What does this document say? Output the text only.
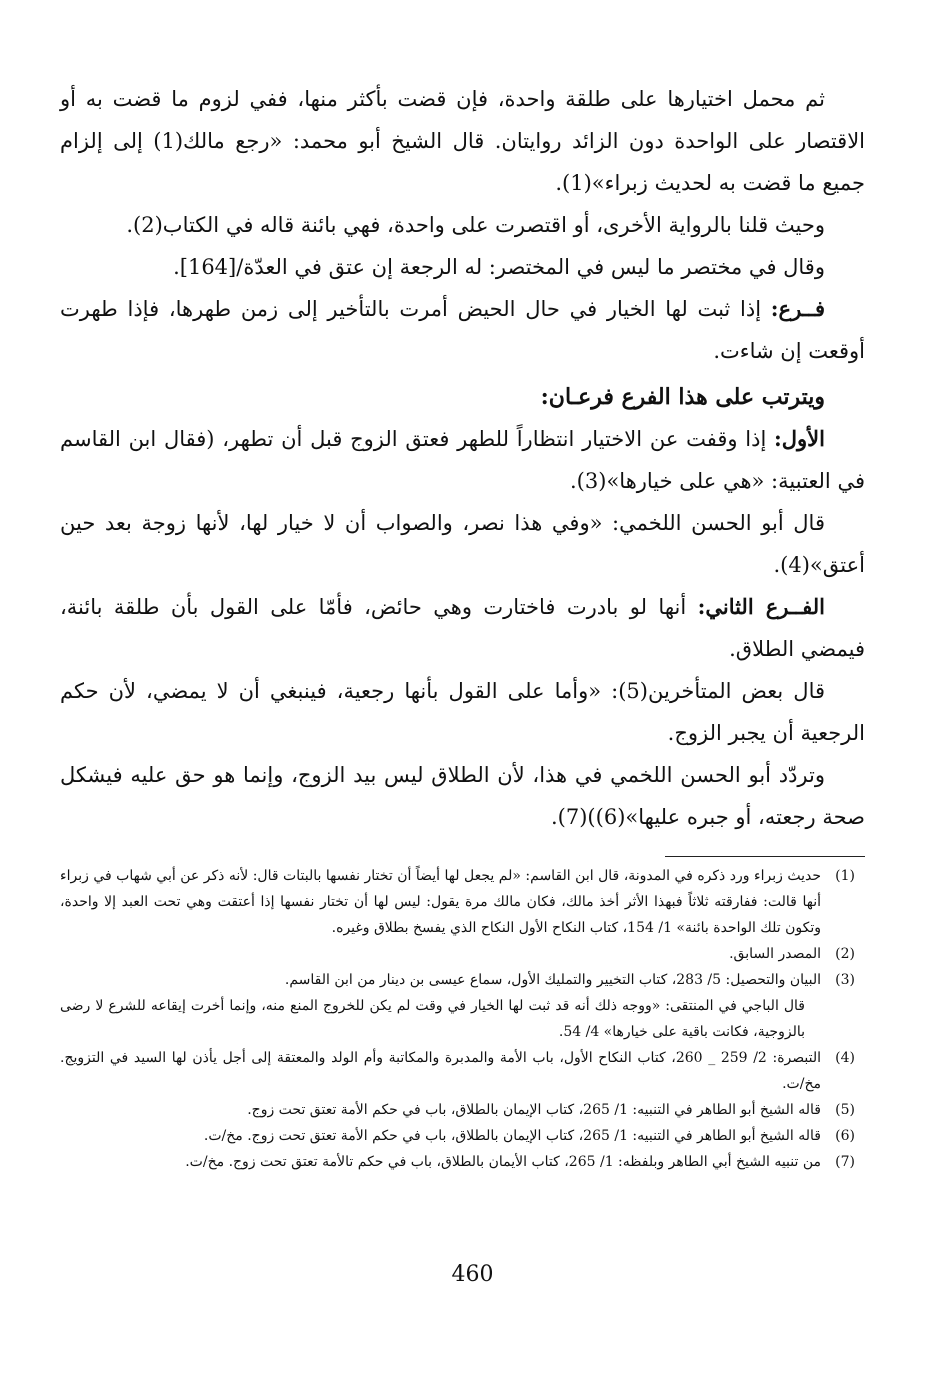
ثم محمل اختيارها على طلقة واحدة، فإن قضت بأكثر منها، ففي لزوم ما قضت به أو الاقتصار على الواحدة دون الزائد روايتان. قال الشيخ أبو محمد: «رجع مالك(1) إلى إلزام جميع ما قضت به لحديث زبراء»(1).

وحيث قلنا بالرواية الأخرى، أو اقتصرت على واحدة، فهي بائنة قاله في الكتاب(2).

وقال في مختصر ما ليس في المختصر: له الرجعة إن عتق في العدّة/[164].

فــرع: إذا ثبت لها الخيار في حال الحيض أمرت بالتأخير إلى زمن طهرها، فإذا طهرت أوقعت إن شاءت.

ويترتب على هذا الفرع فرعـان:

الأول: إذا وقفت عن الاختيار انتظاراً للطهر فعتق الزوج قبل أن تطهر، (فقال ابن القاسم في العتبية: «هي على خيارها»(3).

قال أبو الحسن اللخمي: «وفي هذا نصر، والصواب أن لا خيار لها، لأنها زوجة بعد حين أعتق»(4).

الفــرع الثاني: أنها لو بادرت فاختارت وهي حائض، فأمّا على القول بأن طلقة بائنة، فيمضي الطلاق.

قال بعض المتأخرين(5): «وأما على القول بأنها رجعية، فينبغي أن لا يمضي، لأن حكم الرجعية أن يجبر الزوج.

وتردّد أبو الحسن اللخمي في هذا، لأن الطلاق ليس بيد الزوج، وإنما هو حق عليه فيشكل صحة رجعته، أو جبره عليها»(6))(7).

(1)
حديث زبراء ورد ذكره في المدونة، قال ابن القاسم: «لم يجعل لها أيضاً أن تختار نفسها بالبتات قال: لأنه ذكر عن أبي شهاب في زبراء أنها قالت: ففارقته ثلاثاً فبهذا الأثر أخذ مالك، فكان مالك مرة يقول: ليس لها أن تختار نفسها إذا أعتقت وهي تحت العبد إلا واحدة، وتكون تلك الواحدة بائنة» 1/ 154، كتاب النكاح الأول النكاح الذي يفسخ بطلاق وغيره.
(2)
المصدر السابق.
(3)
البيان والتحصيل: 5/ 283، كتاب التخيير والتمليك الأول، سماع عيسى بن دينار من ابن القاسم.
قال الباجي في المنتقى: «ووجه ذلك أنه قد ثبت لها الخيار في وقت لم يكن للخروج المنع منه، وإنما أخرت إيقاعه للشرع لا رضى بالزوجية، فكانت باقية على خيارها» 4/ 54.
(4)
التبصرة: 2/ 259 _ 260، كتاب النكاح الأول، باب الأمة والمدبرة والمكاتبة وأم الولد والمعتقة إلى أجل يأذن لها السيد في التزويج. مخ/ت.
(5)
قاله الشيخ أبو الطاهر في التنبيه: 1/ 265، كتاب الإيمان بالطلاق، باب في حكم الأمة تعتق تحت زوج.
(6)
قاله الشيخ أبو الطاهر في التنبيه: 1/ 265، كتاب الإيمان بالطلاق، باب في حكم الأمة تعتق تحت زوج. مخ/ت.
(7)
من تنبيه الشيخ أبي الطاهر وبلفظه: 1/ 265، كتاب الأيمان بالطلاق، باب في حكم تالأمة تعتق تحت زوج. مخ/ت.
460
